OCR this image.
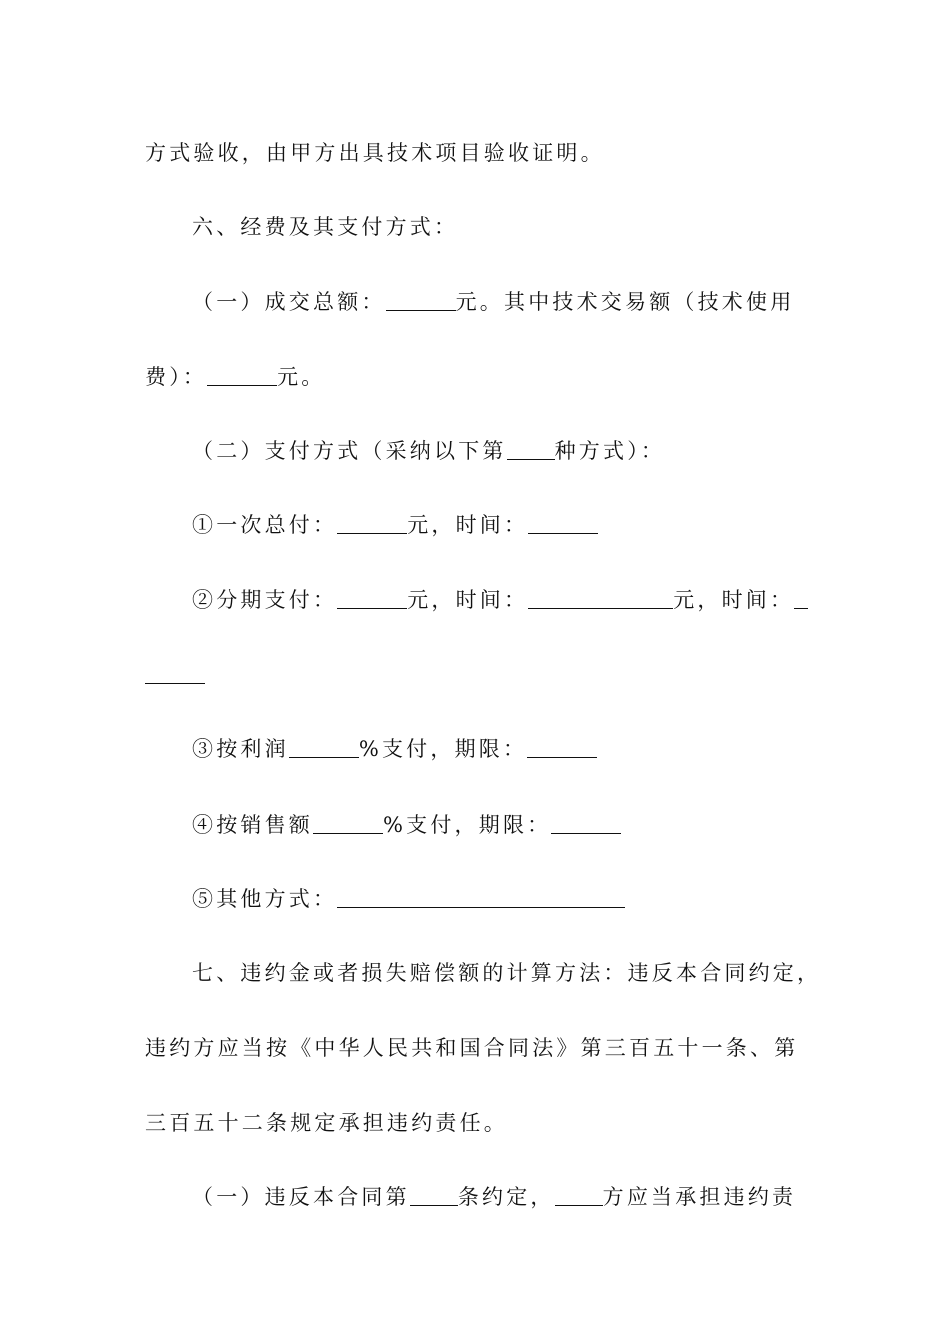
方式验收，由甲方出具技术项目验收证明。
六、经费及其支付方式：
（一）成交总额：	元。其中技术交易额（技术使用
费）：	元。
（二）支付方式（采纳以下第 种方式）：
①一次总付：	元，时间：
②分期支付：	元，时间：	元，时间：
③按利润	%支付，期限：
④按销售额	%支付，期限：
⑤其他方式：
七、违约金或者损失赔偿额的计算方法：违反本合同约定，
违约方应当按《中华人民共和国合同法》第三百五十一条、第
三百五十二条规定承担违约责任。
（一）违反本合同第 条约定， 方应当承担违约责
